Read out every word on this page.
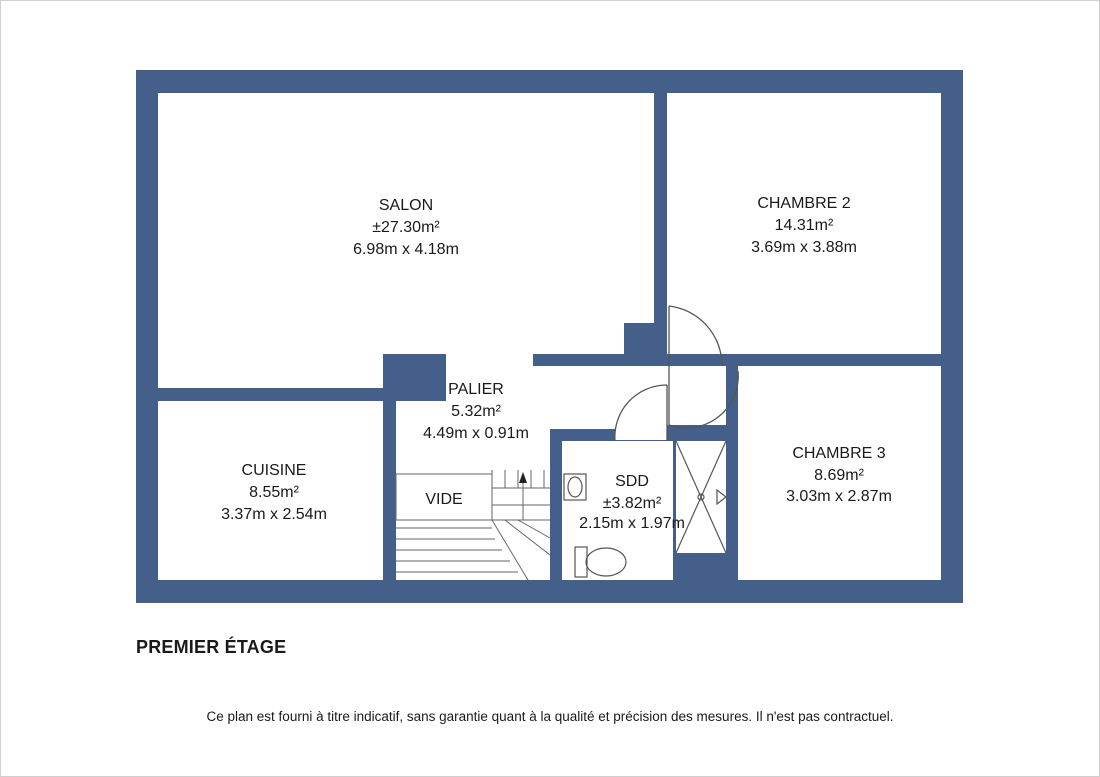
SALON
±27.30m²
6.98m x 4.18m
CHAMBRE 2
14.31m²
3.69m x 3.88m
PALIER
5.32m²
4.49m x 0.91m
CUISINE
8.55m²
3.37m x 2.54m
SDD
±3.82m²
2.15m x 1.97m
CHAMBRE 3
8.69m²
3.03m x 2.87m
VIDE
PREMIER ÉTAGE
Ce plan est fourni à titre indicatif, sans garantie quant à la qualité et précision des mesures. Il n'est pas contractuel.
